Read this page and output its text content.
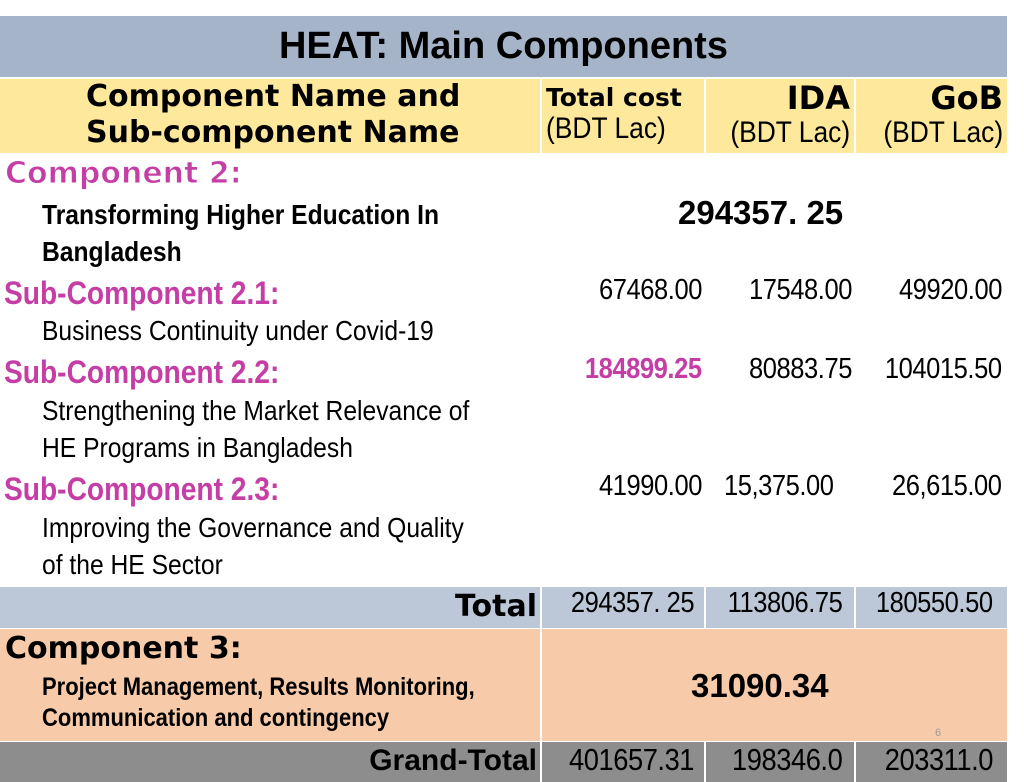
HEAT: Main Components
Component Name and
Sub-component Name
Total cost
(BDT Lac)
IDA
(BDT Lac)
GoB
(BDT Lac)
Component 2:
Transforming Higher Education In
Bangladesh
294357. 25
Sub-Component 2.1:
Business Continuity under Covid-19
67468.00 17548.00 49920.00
Sub-Component 2.2:
Strengthening the Market Relevance of
HE Programs in Bangladesh
184899.25 80883.75 104015.50
Sub-Component 2.3:
Improving the Governance and Quality
of the HE Sector
41990.00 15,375.00 26,615.00
Total 294357. 25 113806.75 180550.50
Component 3:
Project Management, Results Monitoring,
Communication and contingency
31090.34
6
Grand-Total 401657.31 198346.0 203311.0
